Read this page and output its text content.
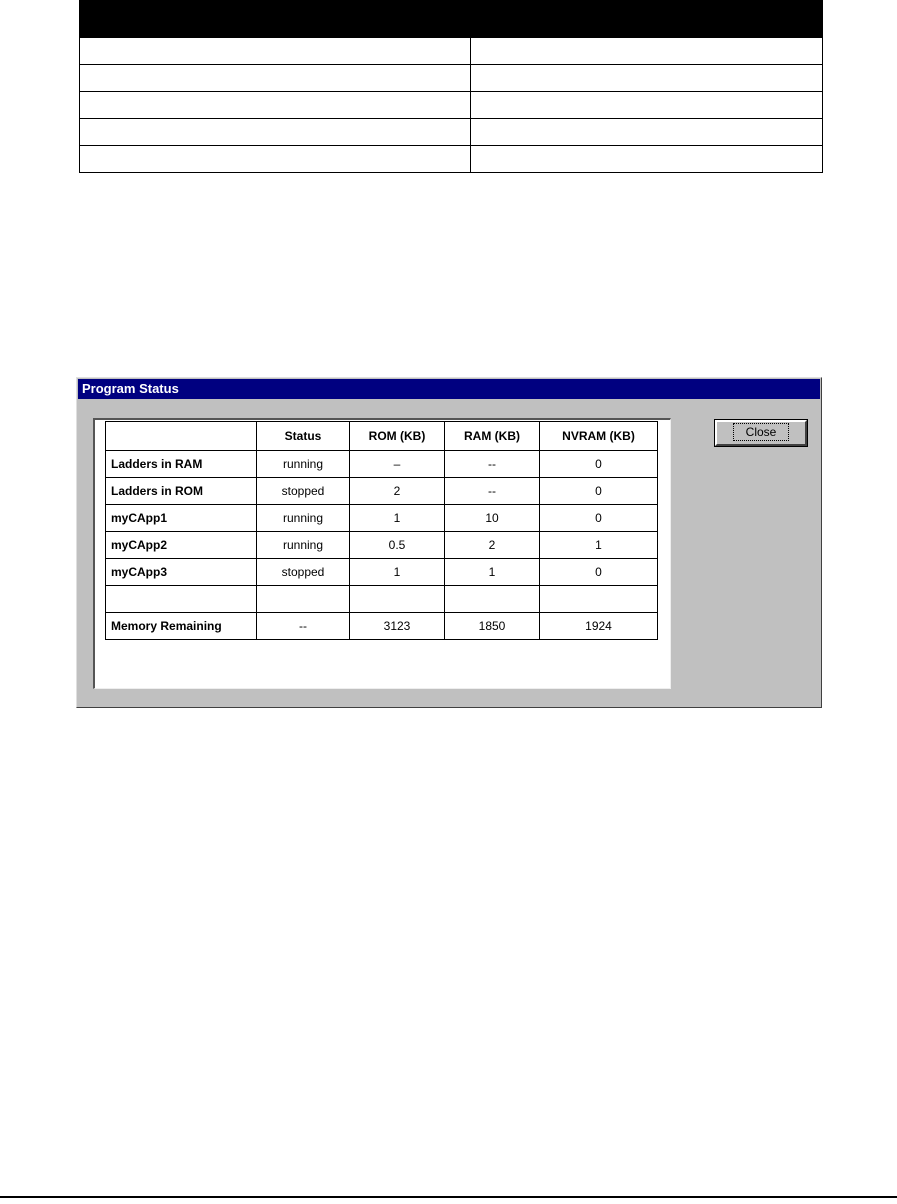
Program Status
	Status	ROM (KB)	RAM (KB)	NVRAM (KB)
Ladders in RAM	running	–	--	0
Ladders in ROM	stopped	2	--	0
myCApp1	running	1	10	0
myCApp2	running	0.5	2	1
myCApp3	stopped	1	1	0

Memory Remaining	--	3123	1850	1924
Close
